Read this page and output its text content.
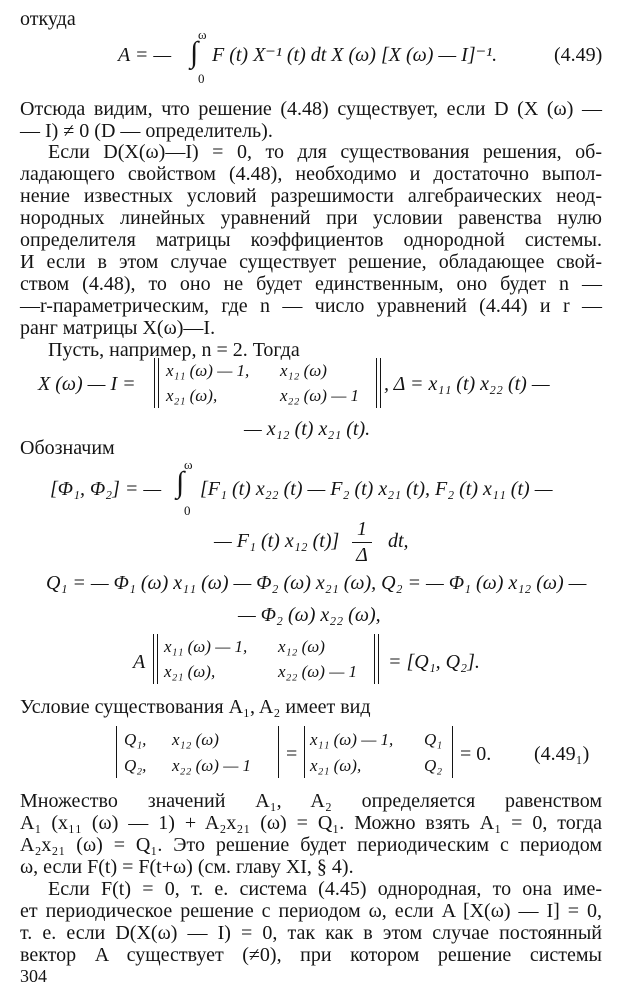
откуда
A = —
ω
∫
0
F (t) X⁻¹ (t) dt X (ω) [X (ω) — I]⁻¹.	(4.49)
Отсюда видим, что решение (4.48) существует, если D (X (ω) —
— I) ≠ 0 (D — определитель).
Если D(X(ω)—I) = 0, то для существования решения, об-
ладающего свойством (4.48), необходимо и достаточно выпол-
нение известных условий разрешимости алгебраических неод-
нородных линейных уравнений при условии равенства нулю
определителя матрицы коэффициентов однородной системы.
И если в этом случае существует решение, обладающее свой-
ством (4.48), то оно не будет единственным, оно будет n —
—r-параметрическим, где n — число уравнений (4.44) и r —
ранг матрицы X(ω)—I.
Пусть, например, n = 2. Тогда
X (ω) — I =
x₁₁ (ω) — 1, x₁₂ (ω)
x₂₁ (ω),	x₂₂ (ω) — 1
, Δ = x₁₁ (t) x₂₂ (t) —
— x₁₂ (t) x₂₁ (t).
Обозначим
[Φ₁, Φ₂] = —
ω
∫
0
[F₁ (t) x₂₂ (t) — F₂ (t) x₂₁ (t), F₂ (t) x₁₁ (t) —
— F₁ (t) x₁₂ (t)]
1
Δ
dt,
Q₁ = — Φ₁ (ω) x₁₁ (ω) — Φ₂ (ω) x₂₁ (ω), Q₂ = — Φ₁ (ω) x₁₂ (ω) —
— Φ₂ (ω) x₂₂ (ω),
A
x₁₁ (ω) — 1, x₁₂ (ω)
x₂₁ (ω),	x₂₂ (ω) — 1 = [Q₁, Q₂].
Условие существования A₁, A₂ имеет вид
Q₁, x₁₂ (ω)
Q₂, x₂₂ (ω) — 1
=
x₁₁ (ω) — 1, Q₁
x₂₁ (ω),	Q₂
= 0. (4.49₁)
Множество значений A₁, A₂ определяется равенством
A₁ (x₁₁ (ω) — 1) + A₂x₂₁ (ω) = Q₁. Можно взять A₁ = 0, тогда
A₂x₂₁ (ω) = Q₁. Это решение будет периодическим с периодом
ω, если F(t) = F(t+ω) (см. главу XI, § 4).
Если F(t) = 0, т. е. система (4.45) однородная, то она име-
ет периодическое решение с периодом ω, если A [X(ω) — I] = 0,
т. е. если D(X(ω) — I) = 0, так как в этом случае постоянный
вектор A существует (≠0), при котором решение системы
304
